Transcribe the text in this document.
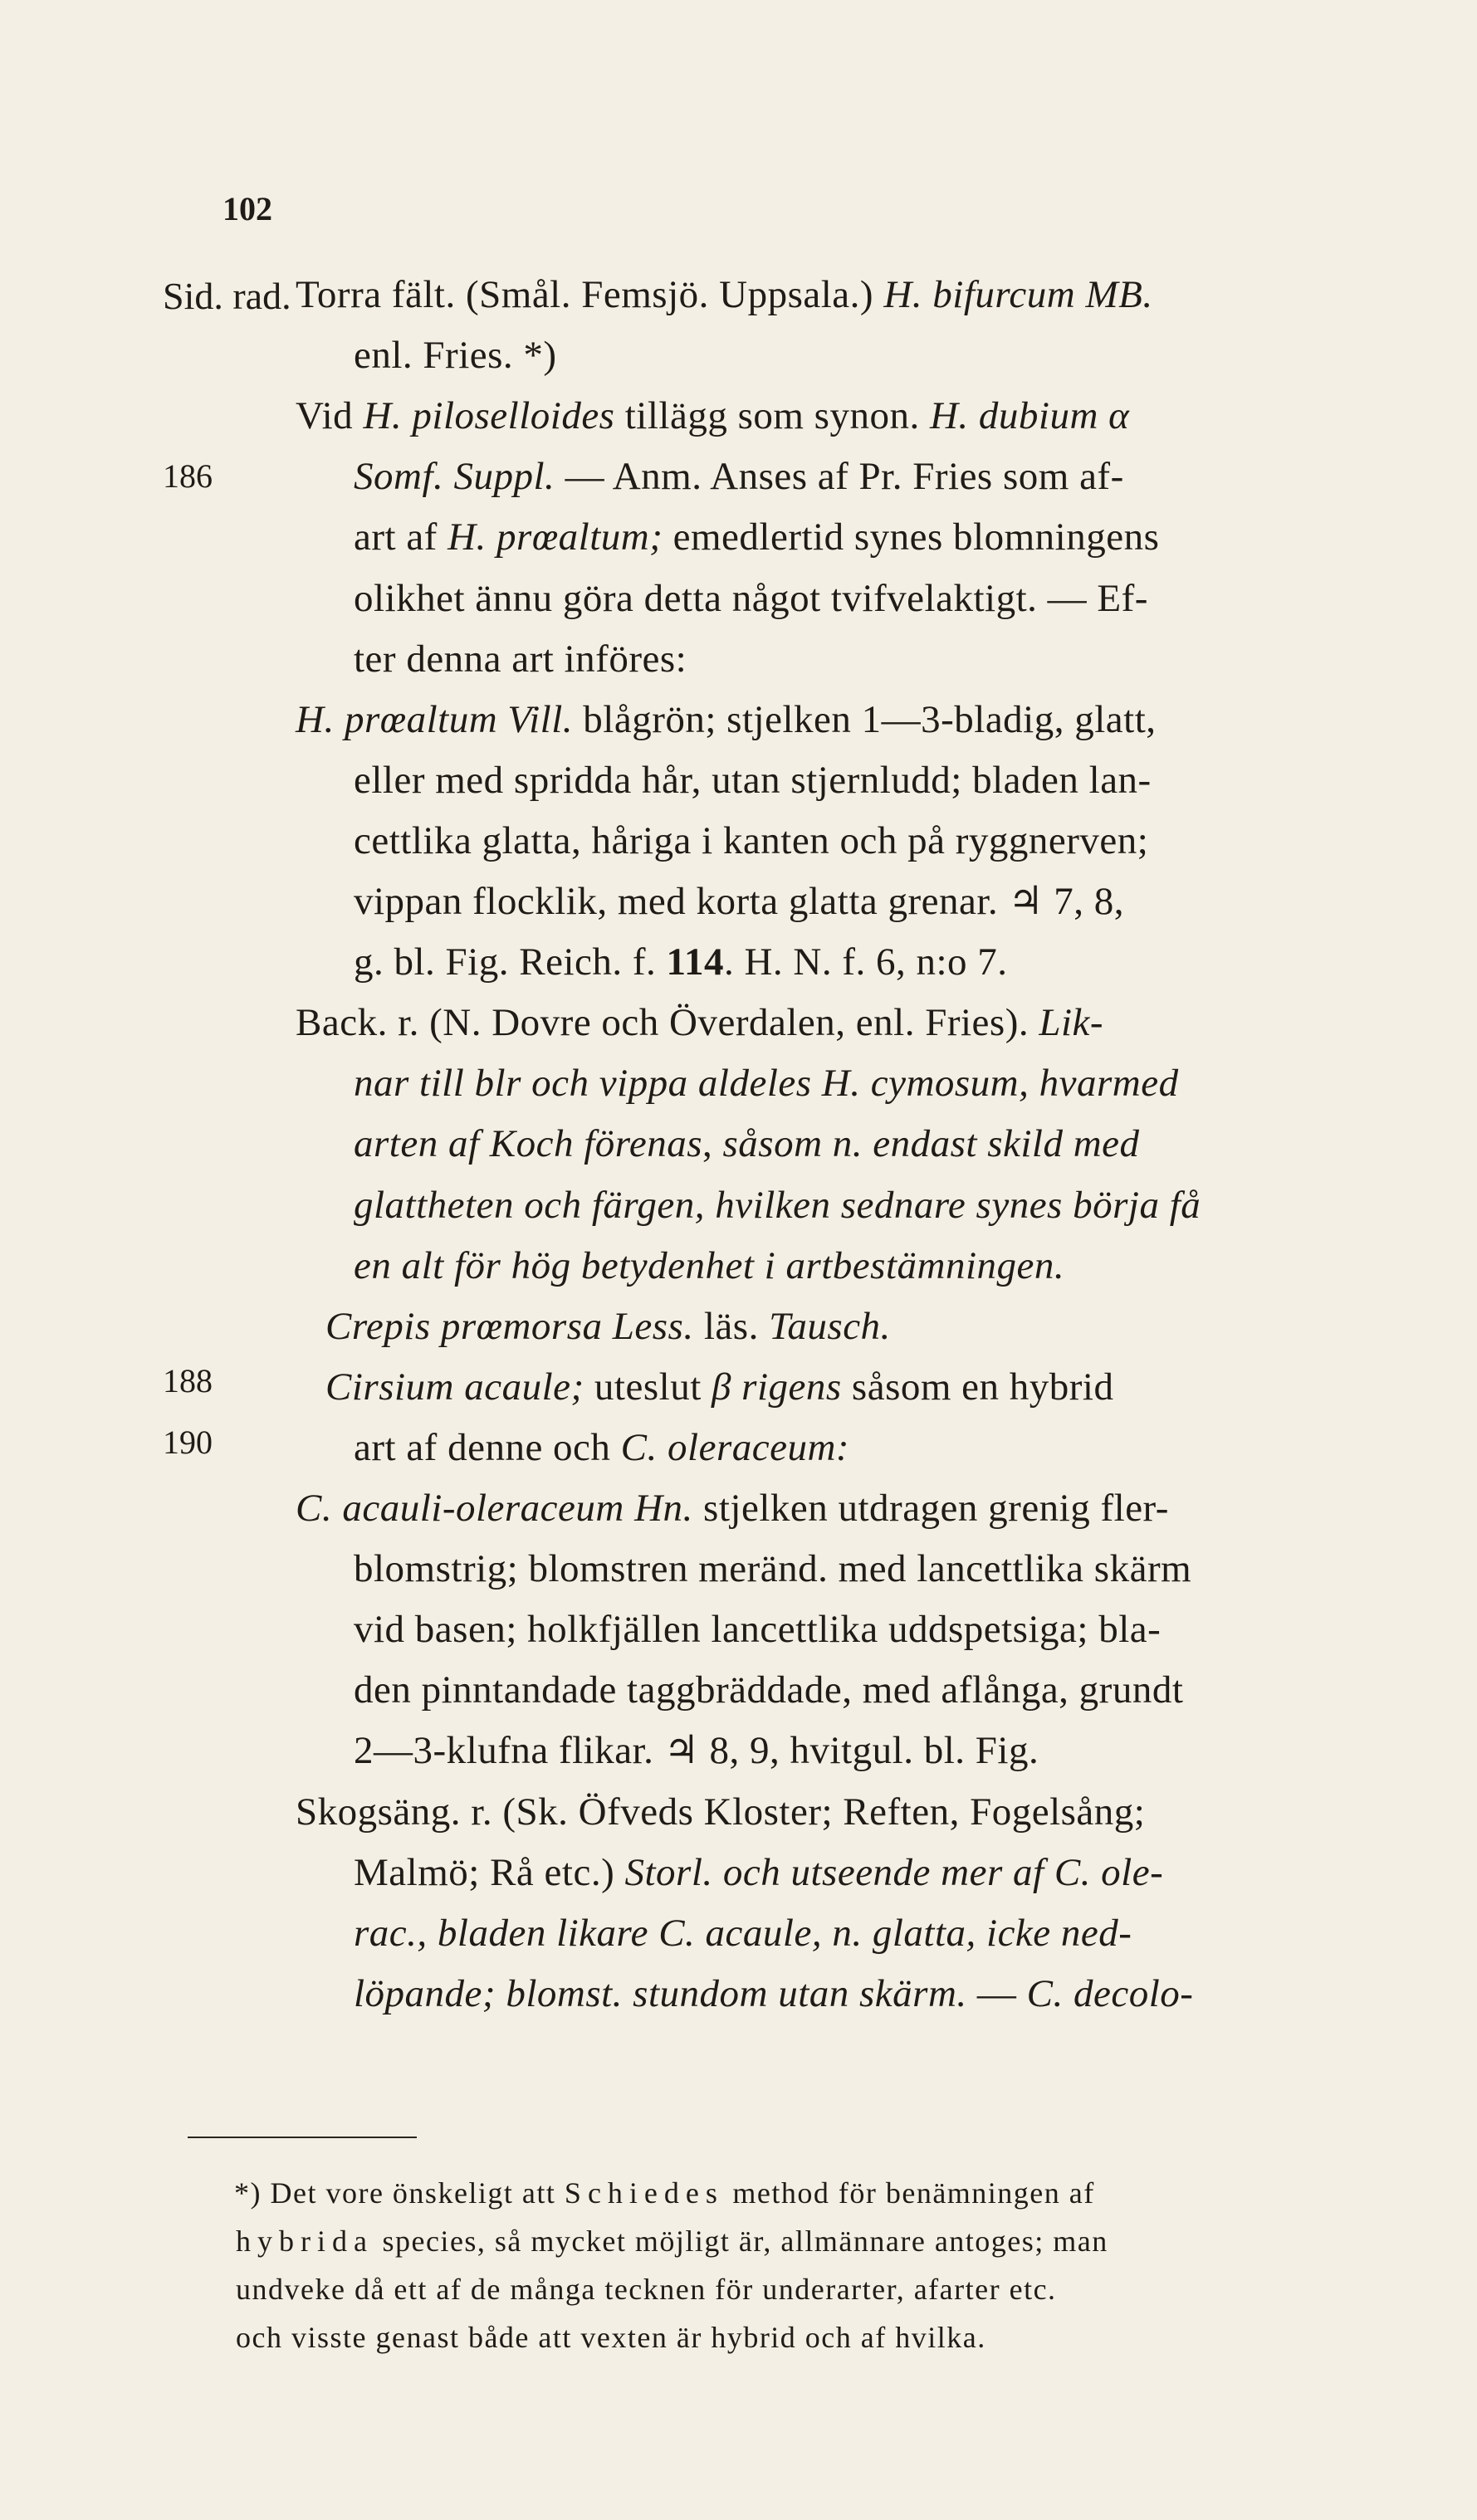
102
Sid. rad.
186
188
190
Torra fält. (Smål. Femsjö. Uppsala.) H. bifurcum MB.
enl. Fries. *)
Vid H. piloselloides tillägg som synon. H. dubium α
Somf. Suppl. — Anm. Anses af Pr. Fries som af-
art af H. prœaltum; emedlertid synes blomningens
olikhet ännu göra detta något tvifvelaktigt. — Ef-
ter denna art införes:
H. prœaltum Vill. blågrön; stjelken 1—3-bladig, glatt,
eller med spridda hår, utan stjernludd; bladen lan-
cettlika glatta, håriga i kanten och på ryggnerven;
vippan flocklik, med korta glatta grenar. ♃ 7, 8,
g. bl. Fig. Reich. f. 114. H. N. f. 6, n:o 7.
Back. r. (N. Dovre och Överdalen, enl. Fries). Lik-
nar till blr och vippa aldeles H. cymosum, hvarmed
arten af Koch förenas, såsom n. endast skild med
glattheten och färgen, hvilken sednare synes börja få
en alt för hög betydenhet i artbestämningen.
Crepis prœmorsa Less. läs. Tausch.
Cirsium acaule; uteslut β rigens såsom en hybrid
art af denne och C. oleraceum:
C. acauli-oleraceum Hn. stjelken utdragen grenig fler-
blomstrig; blomstren meränd. med lancettlika skärm
vid basen; holkfjällen lancettlika uddspetsiga; bla-
den pinntandade taggbräddade, med aflånga, grundt
2—3-klufna flikar. ♃ 8, 9, hvitgul. bl. Fig.
Skogsäng. r. (Sk. Öfveds Kloster; Reften, Fogelsång;
Malmö; Rå etc.) Storl. och utseende mer af C. ole-
rac., bladen likare C. acaule, n. glatta, icke ned-
löpande; blomst. stundom utan skärm. — C. decolo-
*) Det vore önskeligt att Schiedes method för benämningen af
hybrida species, så mycket möjligt är, allmännare antoges; man
undveke då ett af de många tecknen för underarter, afarter etc.
och visste genast både att vexten är hybrid och af hvilka.
